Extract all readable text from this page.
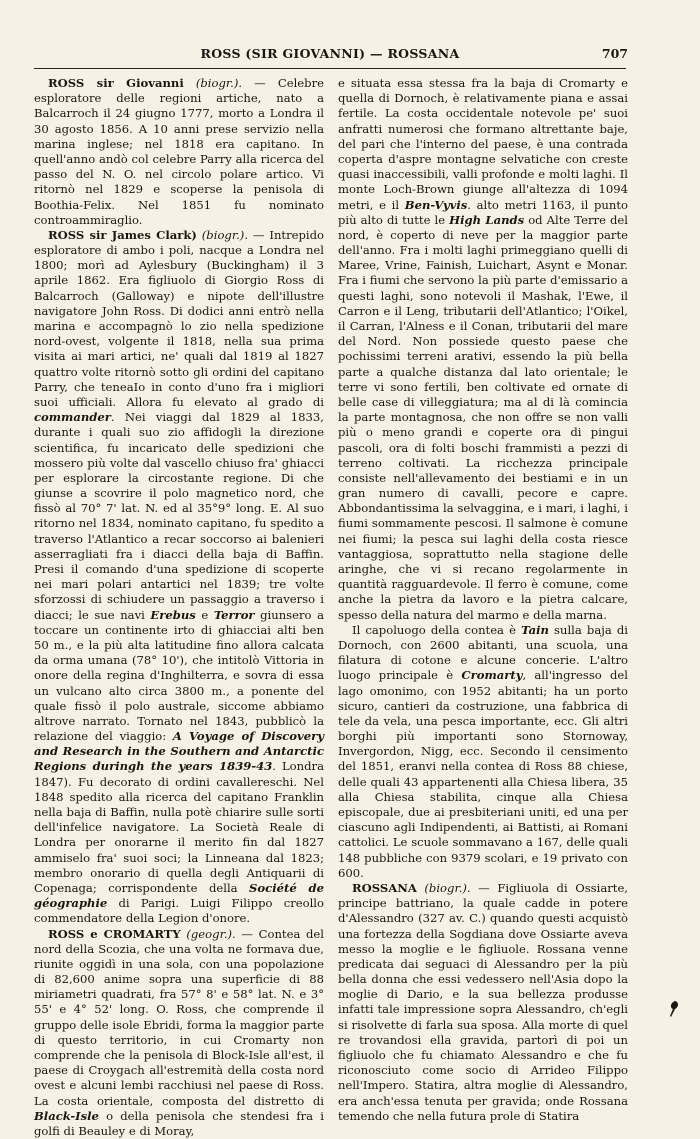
ROSS (SIR GIOVANNI) — ROSSANA	707

ROSS sir Giovanni (biogr.). — Celebre esploratore delle regioni artiche, nato a Balcarroch il 24 giugno 1777, morto a Londra il 30 agosto 1856. A 10 anni prese servizio nella marina inglese; nel 1818 era capitano. In quell'anno andò col celebre Parry alla ricerca del passo del N. O. nel circolo polare artico. Vi ritornò nel 1829 e scoperse la penisola di Boothia-Felix. Nel 1851 fu nominato controammiraglio.

ROSS sir James Clark) (biogr.). — Intrepido esploratore di ambo i poli, nacque a Londra nel 1800; morì ad Aylesbury (Buckingham) il 3 aprile 1862. Era figliuolo di Giorgio Ross di Balcarroch (Galloway) e nipote dell'illustre navigatore John Ross. Di dodici anni entrò nella marina e accompagnò lo zio nella spedizione nord-ovest, volgente il 1818, nella sua prima visita ai mari artici, ne' quali dal 1819 al 1827 quattro volte ritornò sotto gli ordini del capitano Parry, che teneaIo in conto d'uno fra i migliori suoi ufficiali. Allora fu elevato al grado di commander. Nei viaggi dal 1829 al 1833, durante i quali suo zio affidogli la direzione scientifica, fu incaricato delle spedizioni che mossero più volte dal vascello chiuso fra' ghiacci per esplorare la circostante regione. Di che giunse a scovrire il polo magnetico nord, che fissò al 70° 7' lat. N. ed al 35°9° long. E. Al suo ritorno nel 1834, nominato capitano, fu spedito a traverso l'Atlantico a recar soccorso ai balenieri asserragliati fra i diacci della baja di Baffin. Presi il comando d'una spedizione di scoperte nei mari polari antartici nel 1839; tre volte sforzossi di schiudere un passaggio a traverso i diacci; le sue navi Erebus e Terror giunsero a toccare un continente irto di ghiacciai alti ben 50 m., e la più alta latitudine fino allora calcata da orma umana (78° 10'), che intitolò Vittoria in onore della regina d'Inghilterra, e sovra di essa un vulcano alto circa 3800 m., a ponente del quale fissò il polo australe, siccome abbiamo altrove narrato. Tornato nel 1843, pubblicò la relazione del viaggio: A Voyage of Discovery and Research in the Southern and Antarctic Regions duringh the years 1839-43. Londra 1847). Fu decorato di ordini cavallereschi. Nel 1848 spedito alla ricerca del capitano Franklin nella baja di Baffin, nulla potè chiarire sulle sorti dell'infelice navigatore. La Società Reale di Londra per onorarne il merito fin dal 1827 ammiselo fra' suoi soci; la Linneana dal 1823; membro onorario di quella degli Antiquarii di Copenaga; corrispondente della Société de géographie di Parigi. Luigi Filippo creollo commendatore della Legion d'onore.

ROSS e CROMARTY (geogr.). — Contea del nord della Scozia, che una volta ne formava due, riunite oggidì in una sola, con una popolazione di 82,600 anime sopra una superficie di 88 miriametri quadrati, fra 57° 8' e 58° lat. N. e 3° 55' e 4° 52' long. O. Ross, che comprende il gruppo delle isole Ebridi, forma la maggior parte di questo territorio, in cui Cromarty non comprende che la penisola di Block-Isle all'est, il paese di Croygach all'estremità della costa nord ovest e alcuni lembi racchiusi nel paese di Ross. La costa orientale, composta del distretto di Black-Isle o della penisola che stendesi fra i golfi di Beauley e di Moray,

e situata essa stessa fra la baja di Cromarty e quella di Dornoch, è relativamente piana e assai fertile. La costa occidentale notevole pe' suoi anfratti numerosi che formano altrettante baje, del pari che l'interno del paese, è una contrada coperta d'aspre montagne selvatiche con creste quasi inaccessibili, valli profonde e molti laghi. Il monte Loch-Brown giunge all'altezza di 1094 metri, e il Ben-Vyvis. alto metri 1163, il punto più alto di tutte le High Lands od Alte Terre del nord, è coperto di neve per la maggior parte dell'anno. Fra i molti laghi primeggiano quelli di Maree, Vrine, Fainish, Luichart, Asynt e Monar. Fra i fiumi che servono la più parte d'emissario a questi laghi, sono notevoli il Mashak, l'Ewe, il Carron e il Leng, tributarii dell'Atlantico; l'Oikel, il Carran, l'Alness e il Conan, tributarii del mare del Nord. Non possiede questo paese che pochissimi terreni arativi, essendo la più bella parte a qualche distanza dal lato orientale; le terre vi sono fertili, ben coltivate ed ornate di belle case di villeggiatura; ma al di là comincia la parte montagnosa, che non offre se non valli più o meno grandi e coperte ora di pingui pascoli, ora di folti boschi frammisti a pezzi di terreno coltivati. La ricchezza principale consiste nell'allevamento dei bestiami e in un gran numero di cavalli, pecore e capre. Abbondantissima la selvaggina, e i mari, i laghi, i fiumi sommamente pescosi. Il salmone è comune nei fiumi; la pesca sui laghi della costa riesce vantaggiosa, soprattutto nella stagione delle aringhe, che vi si recano regolarmente in quantità ragguardevole. Il ferro è comune, come anche la pietra da lavoro e la pietra calcare, spesso della natura del marmo e della marna.

Il capoluogo della contea è Tain sulla baja di Dornoch, con 2600 abitanti, una scuola, una filatura di cotone e alcune concerie. L'altro luogo principale è Cromarty, all'ingresso del lago omonimo, con 1952 abitanti; ha un porto sicuro, cantieri da costruzione, una fabbrica di tele da vela, una pesca importante, ecc. Gli altri borghi più importanti sono Stornoway, Invergordon, Nigg, ecc. Secondo il censimento del 1851, eranvi nella contea di Ross 88 chiese, delle quali 43 appartenenti alla Chiesa libera, 35 alla Chiesa stabilita, cinque alla Chiesa episcopale, due ai presbiteriani uniti, ed una per ciascuno agli Indipendenti, ai Battisti, ai Romani cattolici. Le scuole sommavano a 167, delle quali 148 pubbliche con 9379 scolari, e 19 privato con 600.

ROSSANA (biogr.). — Figliuola di Ossiarte, principe battriano, la quale cadde in potere d'Alessandro (327 av. C.) quando questi acquistò una fortezza della Sogdiana dove Ossiarte aveva messo la moglie e le figliuole. Rossana venne predicata dai seguaci di Alessandro per la più bella donna che essi vedessero nell'Asia dopo la moglie di Dario, e la sua bellezza produsse infatti tale impressione sopra Alessandro, ch'egli si risolvette di farla sua sposa. Alla morte di quel re trovandosi ella gravida, partorì di poi un figliuolo che fu chiamato Alessandro e che fu riconosciuto come socio di Arrideo Filippo nell'Impero. Statira, altra moglie di Alessandro, era anch'essa tenuta per gravida; onde Rossana temendo che nella futura prole di Statira
